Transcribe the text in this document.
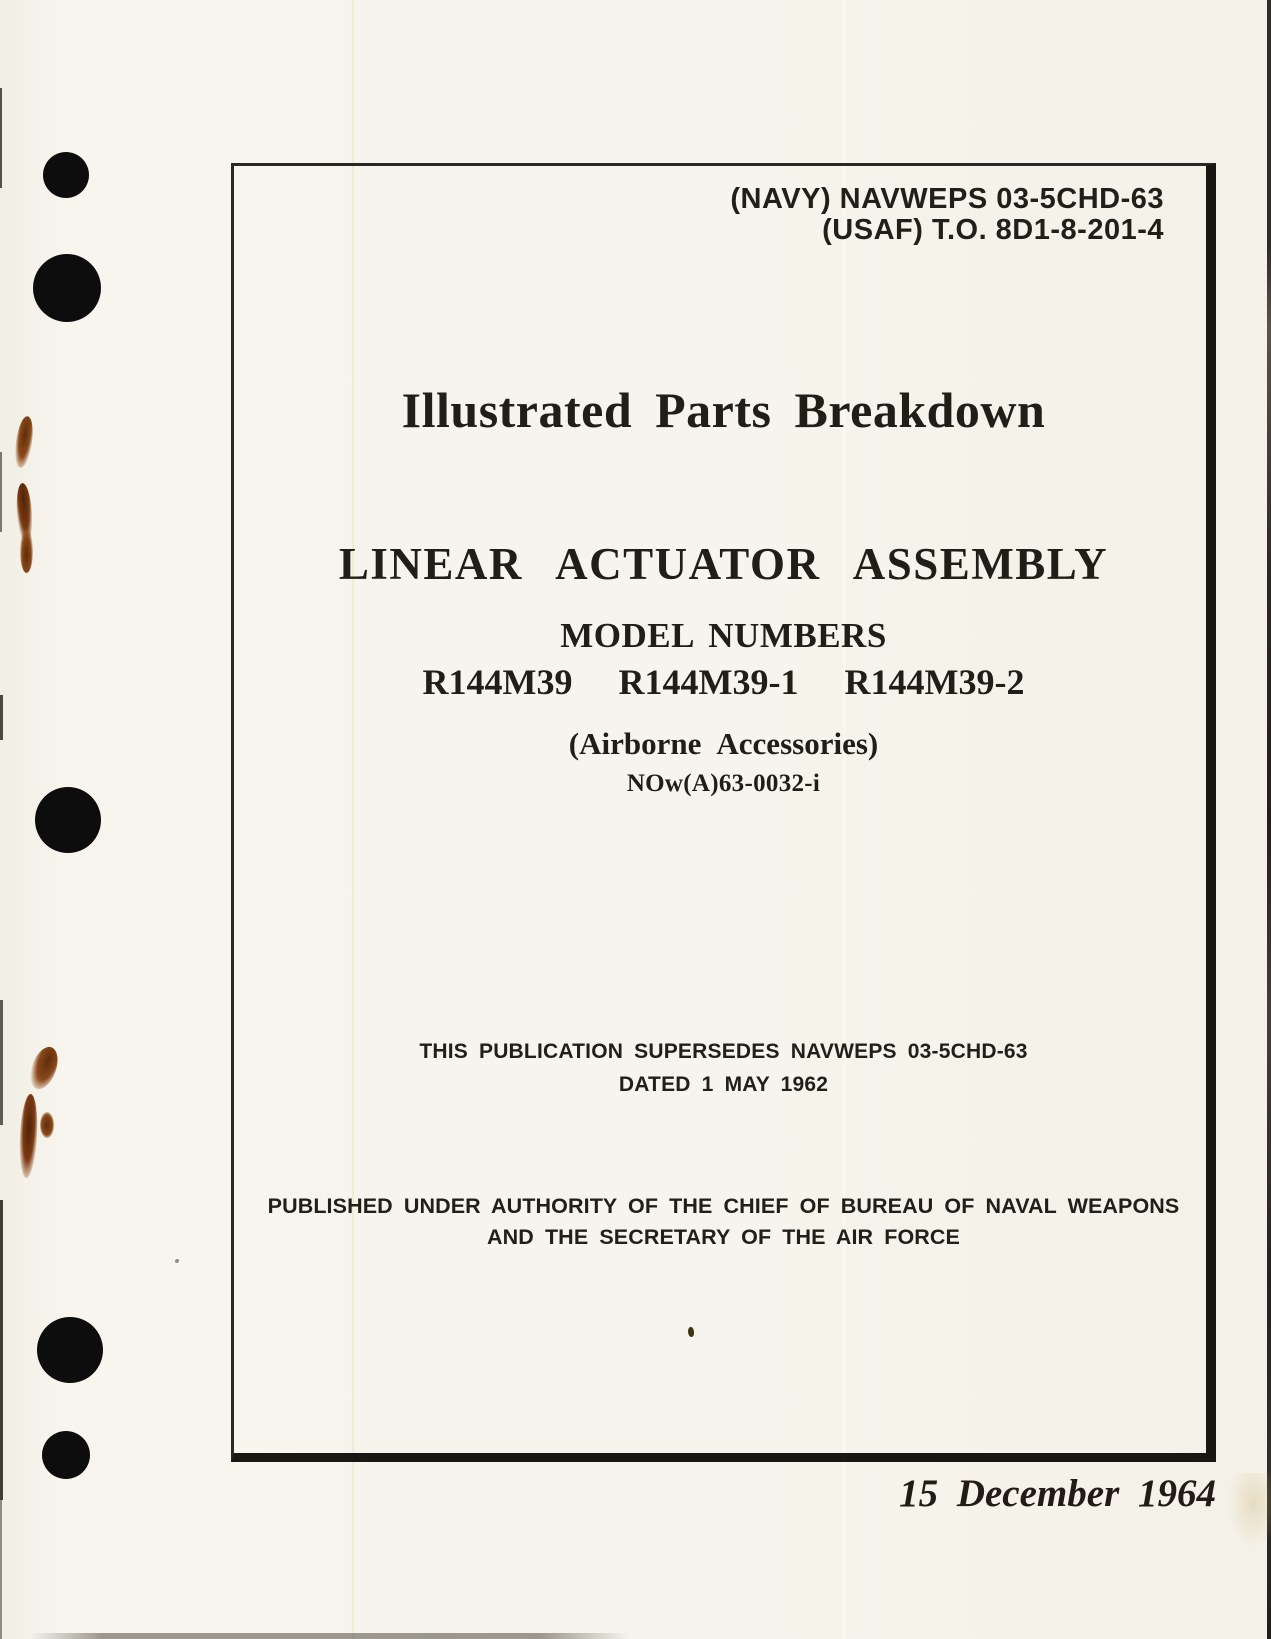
(NAVY) NAVWEPS 03-5CHD-63
(USAF) T.O. 8D1-8-201-4
Illustrated Parts Breakdown
LINEAR ACTUATOR ASSEMBLY
MODEL NUMBERS
R144M39 R144M39-1 R144M39-2
(Airborne Accessories)
NOw(A)63-0032-i
THIS PUBLICATION SUPERSEDES NAVWEPS 03-5CHD-63
DATED 1 MAY 1962
PUBLISHED UNDER AUTHORITY OF THE CHIEF OF BUREAU OF NAVAL WEAPONS
AND THE SECRETARY OF THE AIR FORCE
15 December 1964
